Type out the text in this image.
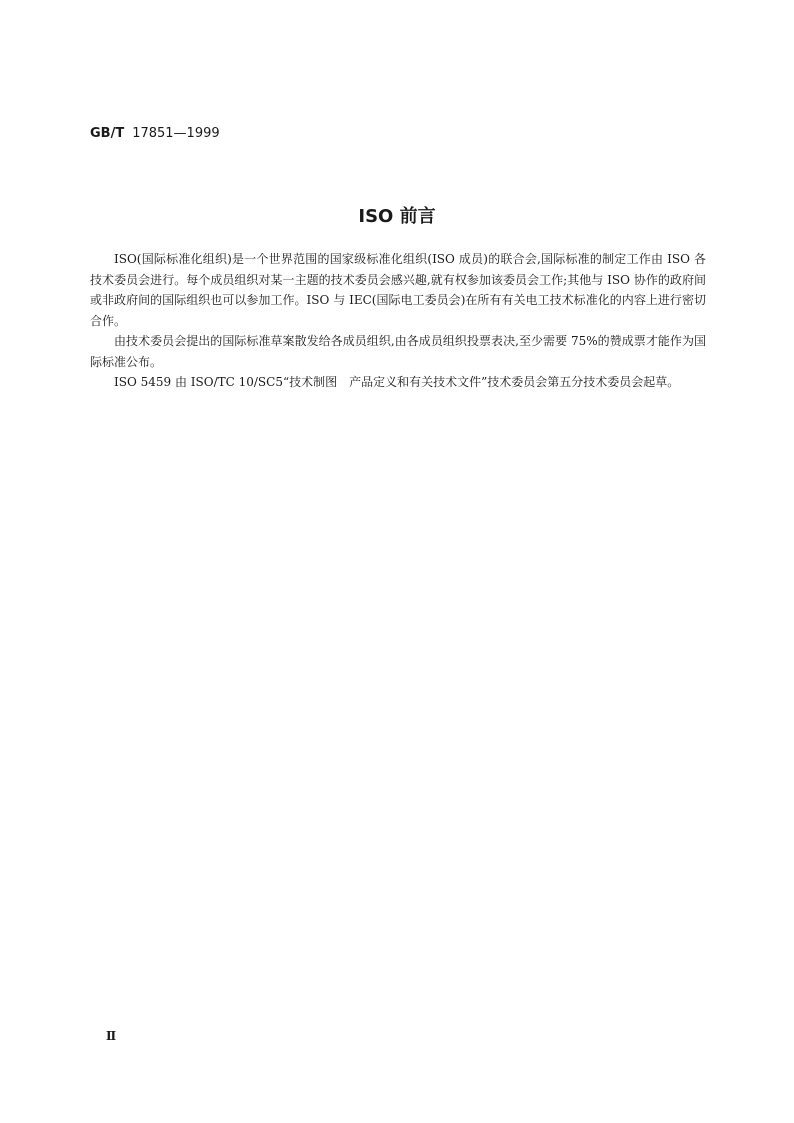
GB/T 17851—1999
ISO 前言

ISO(国际标准化组织)是一个世界范围的国家级标准化组织(ISO 成员)的联合会,国际标准的制定工作由 ISO 各技术委员会进行。每个成员组织对某一主题的技术委员会感兴趣,就有权参加该委员会工作;其他与 ISO 协作的政府间或非政府间的国际组织也可以参加工作。ISO 与 IEC(国际电工委员会)在所有有关电工技术标准化的内容上进行密切合作。

由技术委员会提出的国际标准草案散发给各成员组织,由各成员组织投票表决,至少需要 75%的赞成票才能作为国际标准公布。

ISO 5459 由 ISO/TC 10/SC5“技术制图　产品定义和有关技术文件”技术委员会第五分技术委员会起草。

Ⅱ
